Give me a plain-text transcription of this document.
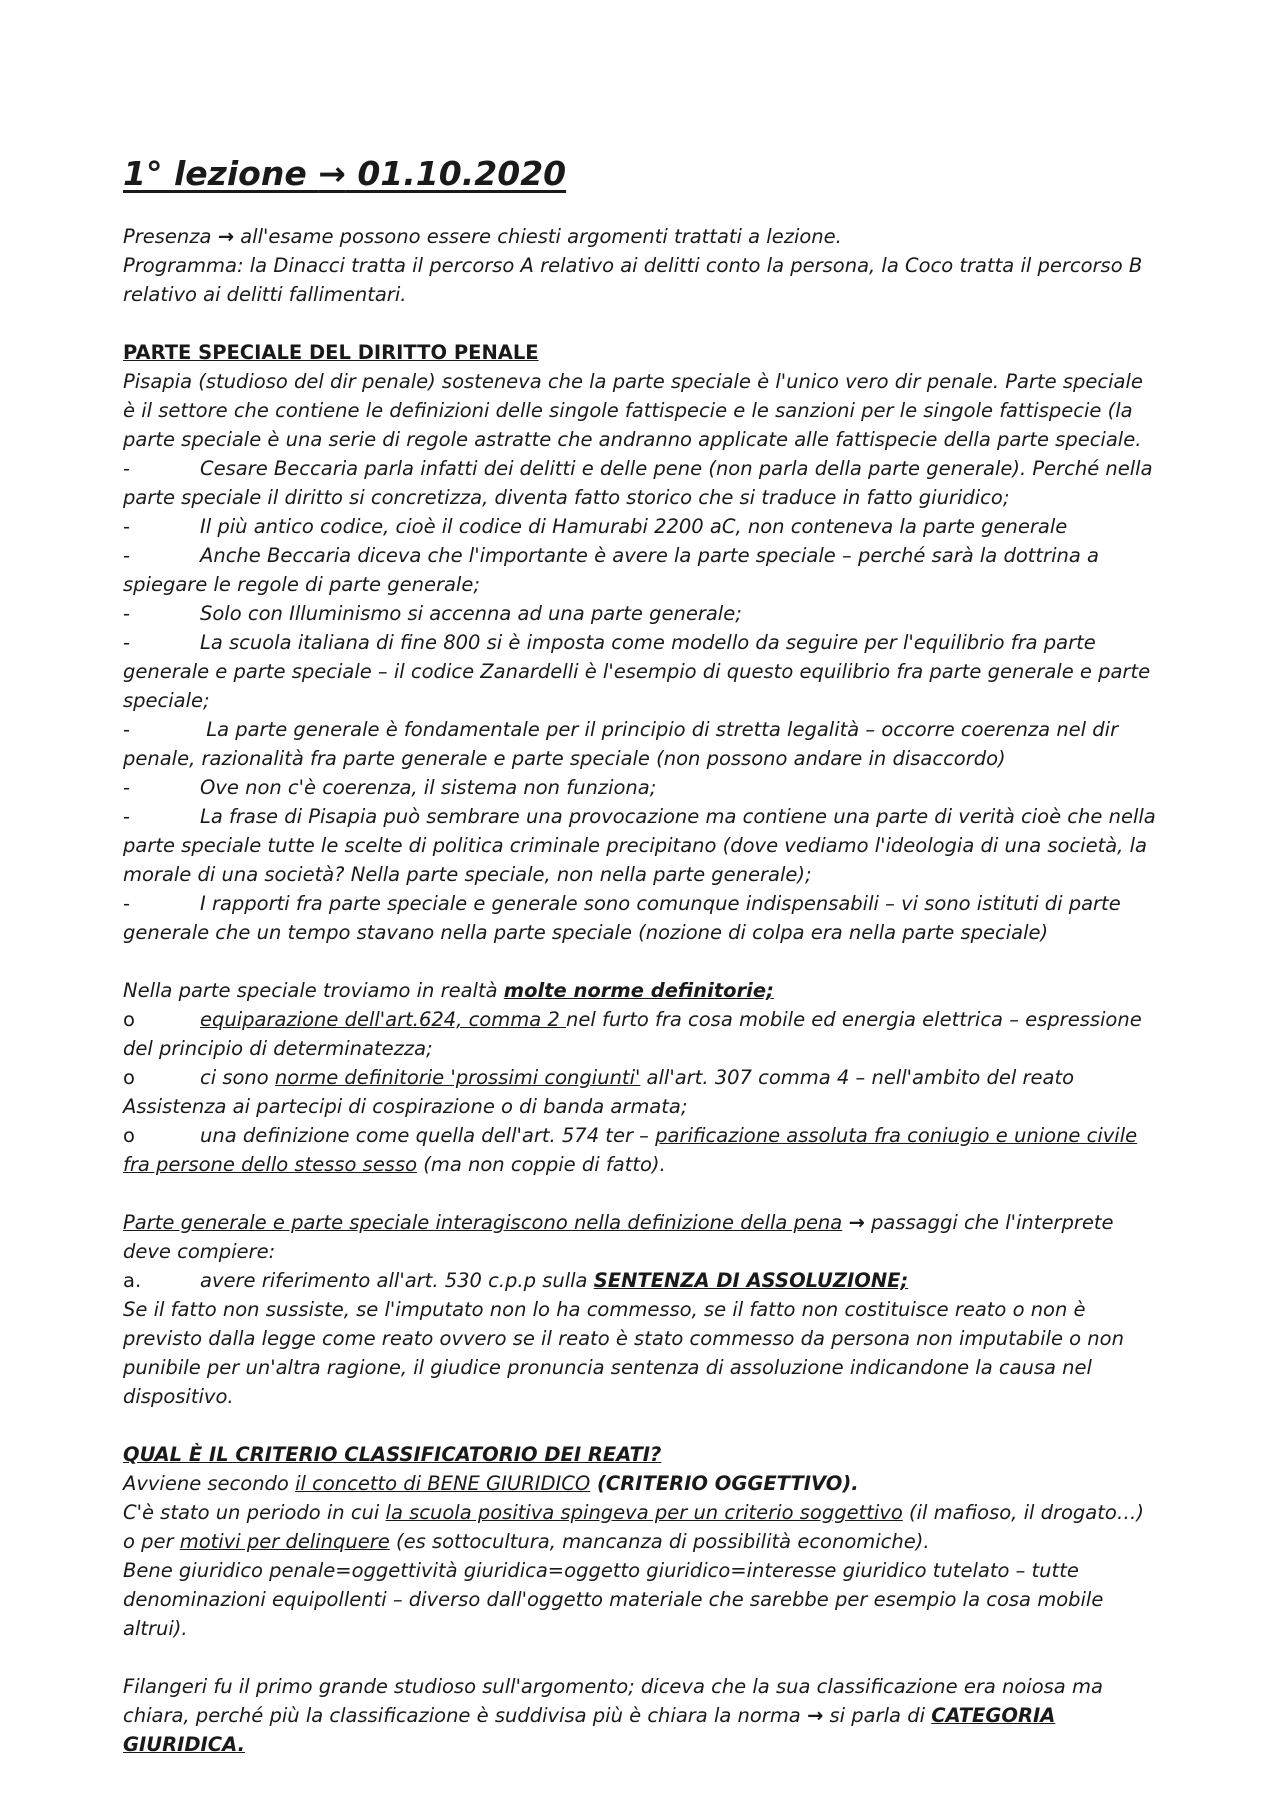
1° lezione → 01.10.2020

Presenza → all'esame possono essere chiesti argomenti trattati a lezione.

Programma: la Dinacci tratta il percorso A relativo ai delitti conto la persona, la Coco tratta il percorso B relativo ai delitti fallimentari.

PARTE SPECIALE DEL DIRITTO PENALE

Pisapia (studioso del dir penale) sosteneva che la parte speciale è l'unico vero dir penale. Parte speciale è il settore che contiene le definizioni delle singole fattispecie e le sanzioni per le singole fattispecie (la parte speciale è una serie di regole astratte che andranno applicate alle fattispecie della parte speciale.

-	Cesare Beccaria parla infatti dei delitti e delle pene (non parla della parte generale). Perché nella parte speciale il diritto si concretizza, diventa fatto storico che si traduce in fatto giuridico;

-	Il più antico codice, cioè il codice di Hamurabi 2200 aC, non conteneva la parte generale

-	Anche Beccaria diceva che l'importante è avere la parte speciale – perché sarà la dottrina a spiegare le regole di parte generale;

-	Solo con Illuminismo si accenna ad una parte generale;

-	La scuola italiana di fine 800 si è imposta come modello da seguire per l'equilibrio fra parte generale e parte speciale – il codice Zanardelli è l'esempio di questo equilibrio fra parte generale e parte speciale;

-	La parte generale è fondamentale per il principio di stretta legalità – occorre coerenza nel dir penale, razionalità fra parte generale e parte speciale (non possono andare in disaccordo)

-	Ove non c'è coerenza, il sistema non funziona;

-	La frase di Pisapia può sembrare una provocazione ma contiene una parte di verità cioè che nella parte speciale tutte le scelte di politica criminale precipitano (dove vediamo l'ideologia di una società, la morale di una società? Nella parte speciale, non nella parte generale);

-	I rapporti fra parte speciale e generale sono comunque indispensabili – vi sono istituti di parte generale che un tempo stavano nella parte speciale (nozione di colpa era nella parte speciale)

Nella parte speciale troviamo in realtà molte norme definitorie;

o	equiparazione dell'art.624, comma 2 nel furto fra cosa mobile ed energia elettrica – espressione del principio di determinatezza;

o	ci sono norme definitorie 'prossimi congiunti' all'art. 307 comma 4 – nell'ambito del reato Assistenza ai partecipi di cospirazione o di banda armata;

o	una definizione come quella dell'art. 574 ter – parificazione assoluta fra coniugio e unione civile fra persone dello stesso sesso (ma non coppie di fatto).

Parte generale e parte speciale interagiscono nella definizione della pena → passaggi che l'interprete deve compiere:

a.	avere riferimento all'art. 530 c.p.p sulla SENTENZA DI ASSOLUZIONE;

Se il fatto non sussiste, se l'imputato non lo ha commesso, se il fatto non costituisce reato o non è previsto dalla legge come reato ovvero se il reato è stato commesso da persona non imputabile o non punibile per un'altra ragione, il giudice pronuncia sentenza di assoluzione indicandone la causa nel dispositivo.

QUAL È IL CRITERIO CLASSIFICATORIO DEI REATI?

Avviene secondo il concetto di BENE GIURIDICO (CRITERIO OGGETTIVO).

C'è stato un periodo in cui la scuola positiva spingeva per un criterio soggettivo (il mafioso, il drogato…) o per motivi per delinquere (es sottocultura, mancanza di possibilità economiche).

Bene giuridico penale=oggettività giuridica=oggetto giuridico=interesse giuridico tutelato – tutte denominazioni equipollenti – diverso dall'oggetto materiale che sarebbe per esempio la cosa mobile altrui).

Filangeri fu il primo grande studioso sull'argomento; diceva che la sua classificazione era noiosa ma chiara, perché più la classificazione è suddivisa più è chiara la norma → si parla di CATEGORIA GIURIDICA.
